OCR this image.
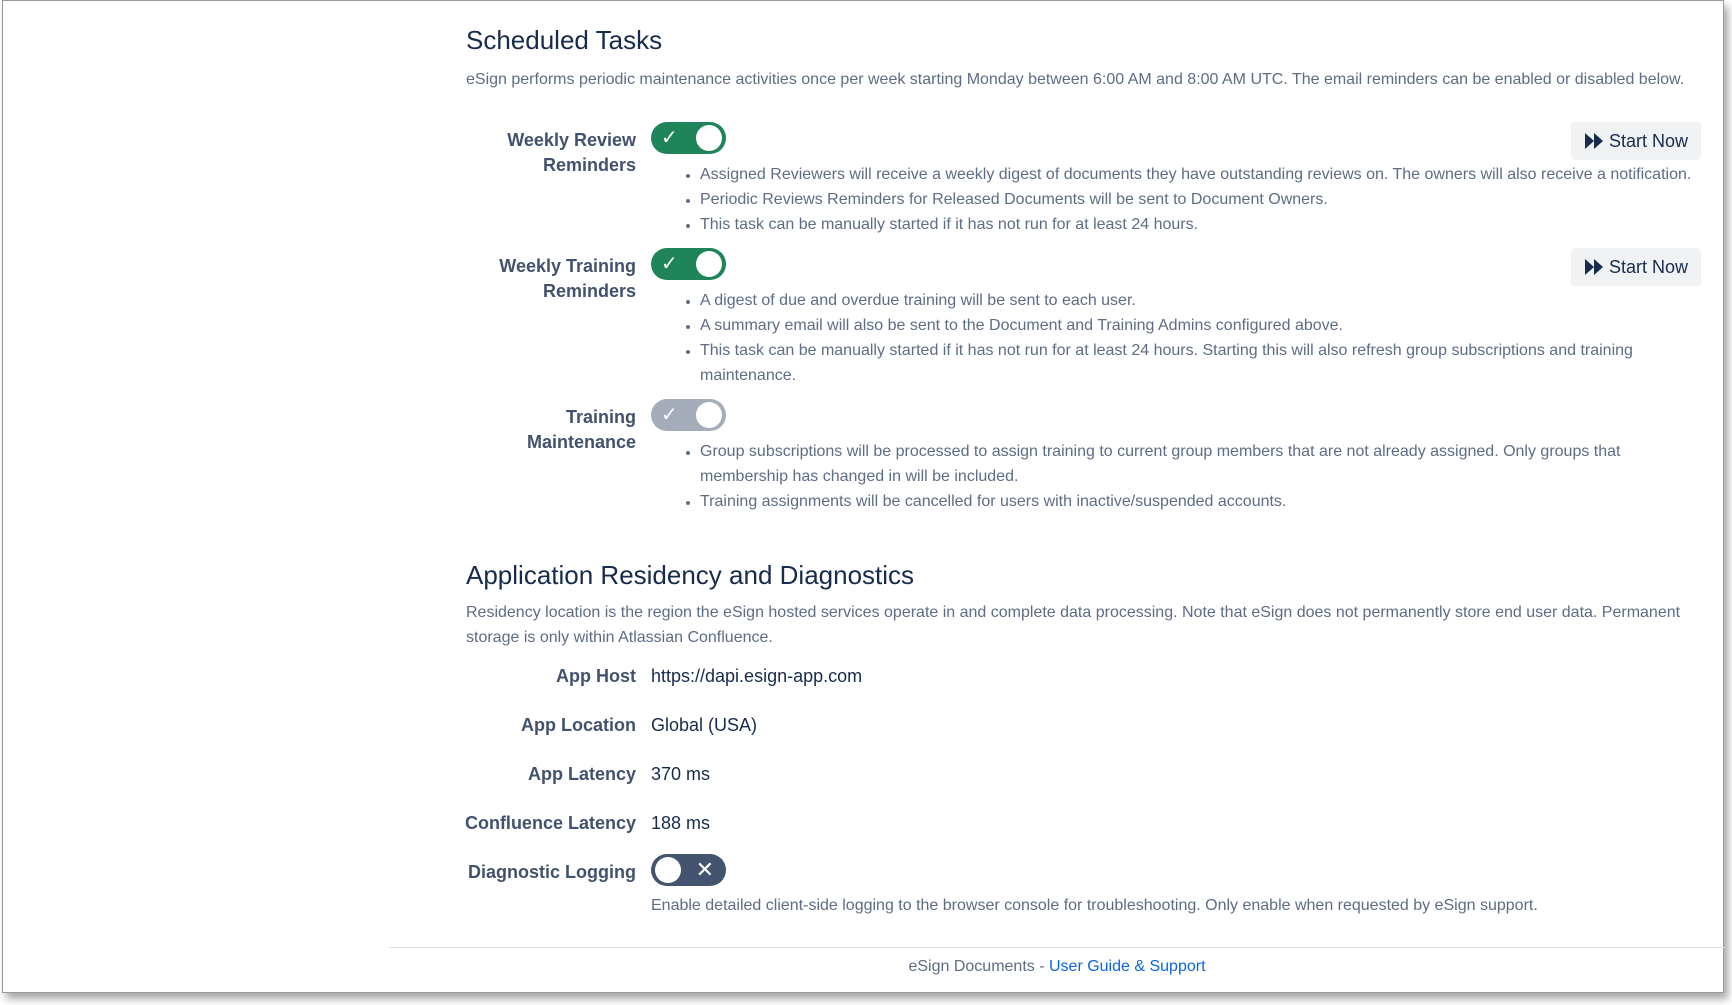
Scheduled Tasks
eSign performs periodic maintenance activities once per week starting Monday between 6:00 AM and 8:00 AM UTC. The email reminders can be enabled or disabled below.
Weekly Review Reminders
✓	Start Now
• Assigned Reviewers will receive a weekly digest of documents they have outstanding reviews on. The owners will also receive a notification.
• Periodic Reviews Reminders for Released Documents will be sent to Document Owners.
• This task can be manually started if it has not run for at least 24 hours.
Weekly Training Reminders
✓	Start Now
• A digest of due and overdue training will be sent to each user.
• A summary email will also be sent to the Document and Training Admins configured above.
• This task can be manually started if it has not run for at least 24 hours. Starting this will also refresh group subscriptions and training maintenance.
Training Maintenance
✓
• Group subscriptions will be processed to assign training to current group members that are not already assigned. Only groups that membership has changed in will be included.
• Training assignments will be cancelled for users with inactive/suspended accounts.
Application Residency and Diagnostics
Residency location is the region the eSign hosted services operate in and complete data processing. Note that eSign does not permanently store end user data. Permanent storage is only within Atlassian Confluence.
App Host https://dapi.esign-app.com
App Location Global (USA)
App Latency 370 ms
Confluence Latency 188 ms
Diagnostic Logging	✕
Enable detailed client-side logging to the browser console for troubleshooting. Only enable when requested by eSign support.
eSign Documents - User Guide & Support
